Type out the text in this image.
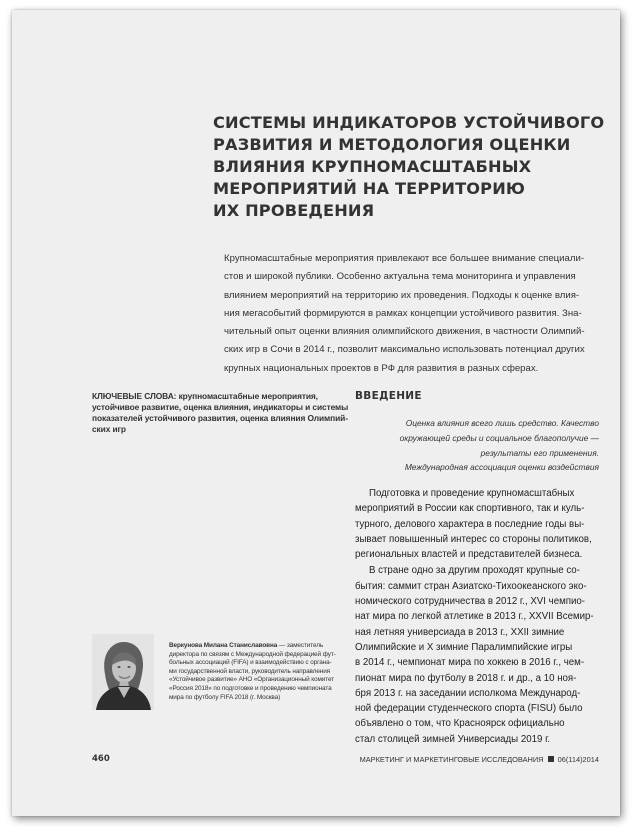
СИСТЕМЫ ИНДИКАТОРОВ УСТОЙЧИВОГО
РАЗВИТИЯ И МЕТОДОЛОГИЯ ОЦЕНКИ
ВЛИЯНИЯ КРУПНОМАСШТАБНЫХ
МЕРОПРИЯТИЙ НА ТЕРРИТОРИЮ
ИХ ПРОВЕДЕНИЯ

Крупномасштабные мероприятия привлекают все большее внимание специали-
стов и широкой публики. Особенно актуальна тема мониторинга и управления
влиянием мероприятий на территорию их проведения. Подходы к оценке влия-
ния мегасобытий формируются в рамках концепции устойчивого развития. Зна-
чительный опыт оценки влияния олимпийского движения, в частности Олимпий-
ских игр в Сочи в 2014 г., позволит максимально использовать потенциал других
крупных национальных проектов в РФ для развития в разных сферах.

КЛЮЧЕВЫЕ СЛОВА: крупномасштабные мероприятия,
устойчивое развитие, оценка влияния, индикаторы и системы
показателей устойчивого развития, оценка влияния Олимпий-
ских игр

ВВЕДЕНИЕ
Оценка влияния всего лишь средство. Качество
окружающей среды и социальное благополучие —
результаты его применения.
Международная ассоциация оценки воздействия
Подготовка и проведение крупномасштабных
мероприятий в России как спортивного, так и куль-
турного, делового характера в последние годы вы-
зывает повышенный интерес со стороны политиков,
региональных властей и представителей бизнеса.
В стране одно за другим проходят крупные со-
бытия: саммит стран Азиатско-Тихоокеанского эко-
номического сотрудничества в 2012 г., XVI чемпио-
нат мира по легкой атлетике в 2013 г., XXVII Всемир-
ная летняя универсиада в 2013 г., XXII зимние
Олимпийские и X зимние Паралимпийские игры
в 2014 г., чемпионат мира по хоккею в 2016 г., чем-
пионат мира по футболу в 2018 г. и др., а 10 ноя-
бря 2013 г. на заседании исполкома Международ-
ной федерации студенческого спорта (FISU) было
объявлено о том, что Красноярск официально
стал столицей зимней Универсиады 2019 г.

Веркунова Милана Станиславовна — заместитель
директора по связям с Международной федерацией фут-
больных ассоциаций (FIFA) и взаимодействию с органа-
ми государственной власти, руководитель направления
«Устойчивое развитие» АНО «Организационный комитет
«Россия 2018» по подготовке и проведению чемпионата
мира по футболу FIFA 2018 (г. Москва)

460	МАРКЕТИНГ И МАРКЕТИНГОВЫЕ ИССЛЕДОВАНИЯ 06(114)2014
